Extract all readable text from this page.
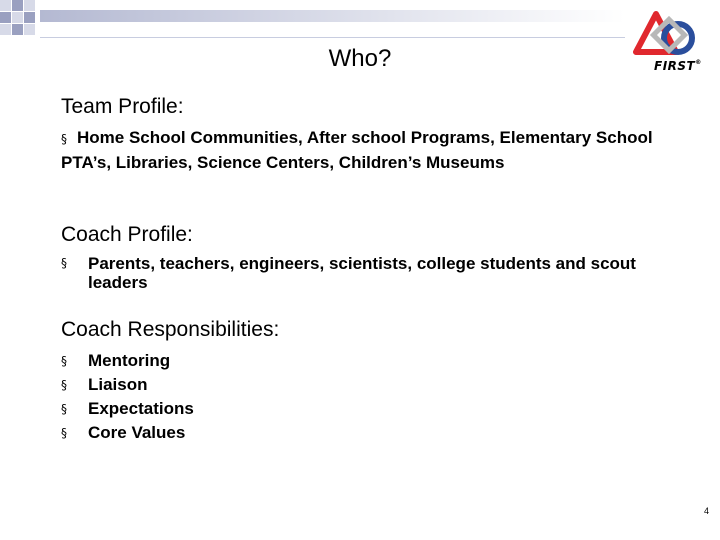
FIRST®
Who?
Team Profile:
§ Home School Communities, After school Programs, Elementary School PTA’s, Libraries, Science Centers, Children’s Museums
Coach Profile:
§ Parents, teachers, engineers, scientists, college students and scout leaders
Coach Responsibilities:
§ Mentoring
§ Liaison
§ Expectations
§ Core Values
4
